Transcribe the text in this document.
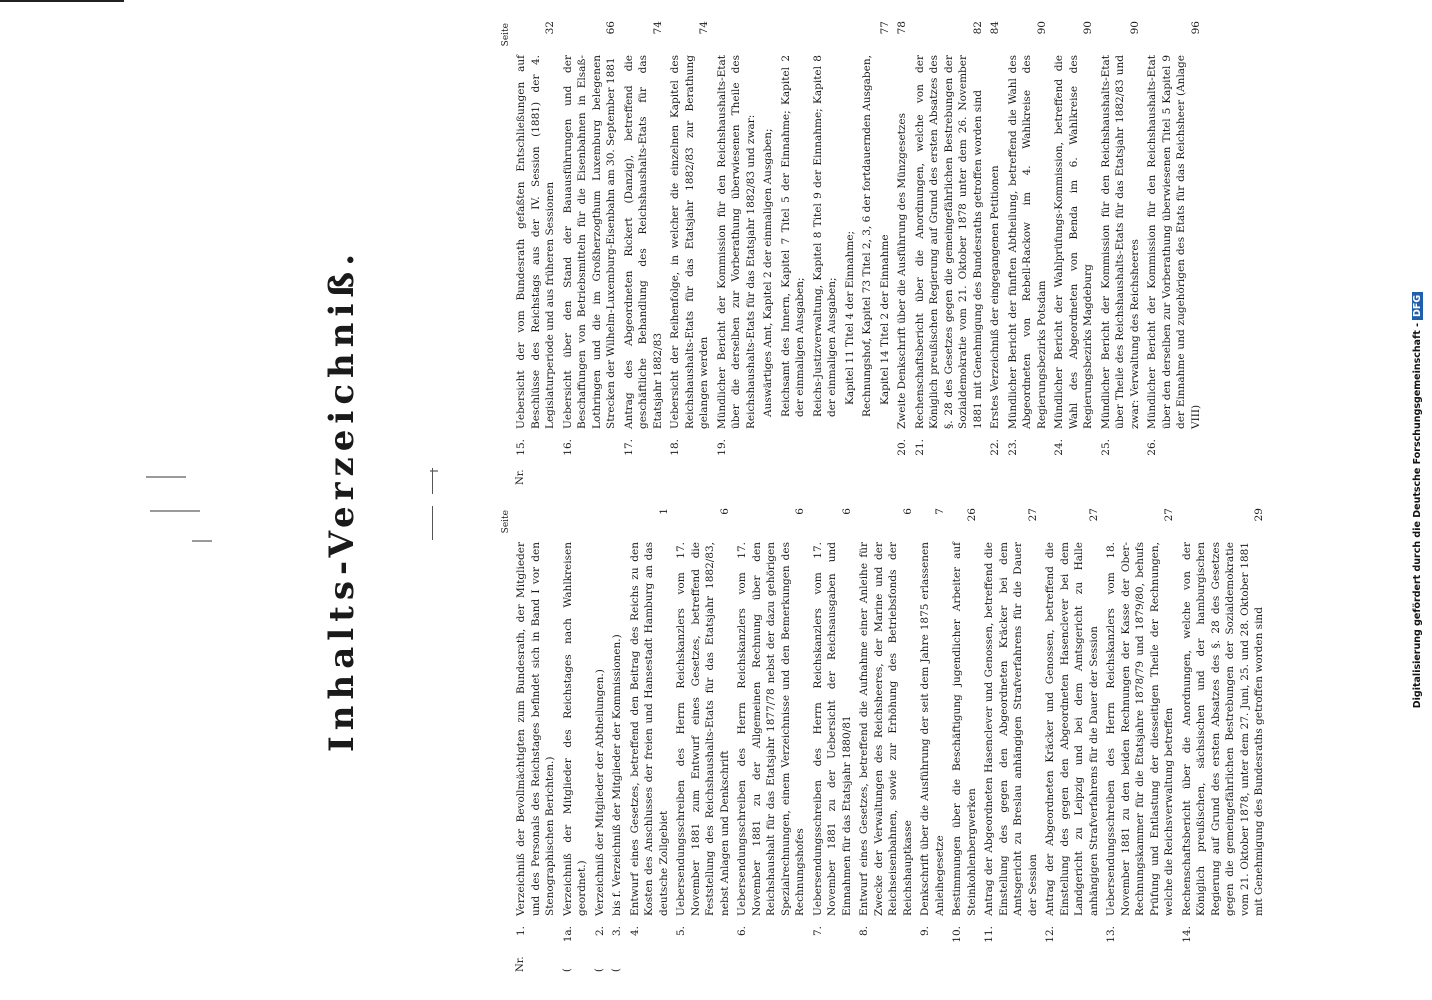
Inhalts-Verzeichniß.	Seite
Nr.
1.
Verzeichniß der Bevollmächtigten zum Bundesrath, der Mitglieder und des Personals des Reichstages befindet sich in Band I vor den Stenographischen Berichten.)
(
1a.
Verzeichniß der Mitglieder des Reichstages nach Wahlkreisen geordnet.)
(
2.
Verzeichniß der Mitglieder der Abtheilungen.)
(
3.
bis f. Verzeichniß der Mitglieder der Kommissionen.)
4.
Entwurf eines Gesetzes, betreffend den Beitrag des Reichs zu den Kosten des Anschlusses der freien und Hansestadt Hamburg an das deutsche Zollgebiet
1
5.
Uebersendungsschreiben des Herrn Reichskanzlers vom 17. November 1881 zum Entwurf eines Gesetzes, betreffend die Feststellung des Reichshaushalts-Etats für das Etatsjahr 1882/83, nebst Anlagen und Denkschrift
6
6.
Uebersendungsschreiben des Herrn Reichskanzlers vom 17. November 1881 zu der Allgemeinen Rechnung über den Reichshaushalt für das Etatsjahr 1877/78 nebst der dazu gehörigen Spezialrechnungen, einem Verzeichnisse und den Bemerkungen des Rechnungshofes
6
7.
Uebersendungsschreiben des Herrn Reichskanzlers vom 17. November 1881 zu der Uebersicht der Reichsausgaben und Einnahmen für das Etatsjahr 1880/81
6
8.
Entwurf eines Gesetzes, betreffend die Aufnahme einer Anleihe für Zwecke der Verwaltungen des Reichsheeres, der Marine und der Reichseisenbahnen, sowie zur Erhöhung des Betriebsfonds der Reichshauptkasse
6
9.
Denkschrift über die Ausführung der seit dem Jahre 1875 erlassenen Anleihegesetze
7
10.
Bestimmungen über die Beschäftigung jugendlicher Arbeiter auf Steinkohlenbergwerken
26
11.
Antrag der Abgeordneten Hasenclever und Genossen, betreffend die Einstellung des gegen den Abgeordneten Kräcker bei dem Amtsgericht zu Breslau anhängigen Strafverfahrens für die Dauer der Session
27
12.
Antrag der Abgeordneten Kräcker und Genossen, betreffend die Einstellung des gegen den Abgeordneten Hasenclever bei dem Landgericht zu Leipzig und bei dem Amtsgericht zu Halle anhängigen Strafverfahrens für die Dauer der Session
27
13.
Uebersendungsschreiben des Herrn Reichskanzlers vom 18. November 1881 zu den beiden Rechnungen der Kasse der Ober-Rechnungskammer für die Etatsjahre 1878/79 und 1879/80, behufs Prüfung und Entlastung der diesseitigen Theile der Rechnungen, welche die Reichsverwaltung betreffen
27
14.
Rechenschaftsbericht über die Anordnungen, welche von der Königlich preußischen, sächsischen und der hamburgischen Regierung auf Grund des ersten Absatzes des §. 28 des Gesetzes gegen die gemeingefährlichen Bestrebungen der Sozialdemokratie vom 21. Oktober 1878, unter dem 27. Juni, 25. und 28. Oktober 1881 mit Genehmigung des Bundesraths getroffen worden sind
29
Seite
Nr.
15.
Uebersicht der vom Bundesrath gefaßten Entschließungen auf Beschlüsse des Reichstags aus der IV. Session (1881) der 4. Legislaturperiode und aus früheren Sessionen
32
16.
Uebersicht über den Stand der Bauausführungen und der Beschaffungen von Betriebsmitteln für die Eisenbahnen in Elsaß-Lothringen und die im Großherzogthum Luxemburg belegenen Strecken der Wilhelm-Luxemburg-Eisenbahn am 30. September 1881
66
17.
Antrag des Abgeordneten Rickert (Danzig), betreffend die geschäftliche Behandlung des Reichshaushalts-Etats für das Etatsjahr 1882/83
74
18.
Uebersicht der Reihenfolge, in welcher die einzelnen Kapitel des Reichshaushalts-Etats für das Etatsjahr 1882/83 zur Berathung gelangen werden
74
19.
Mündlicher Bericht der Kommission für den Reichshaushalts-Etat über die derselben zur Vorberathung überwiesenen Theile des Reichshaushalts-Etats für das Etatsjahr 1882/83 und zwar: Auswärtiges Amt, Kapitel 2 der einmaligen Ausgaben; Reichsamt des Innern, Kapitel 7 Titel 5 der Einnahme; Kapitel 2 der einmaligen Ausgaben; Reichs-Justizverwaltung, Kapitel 8 Titel 9 der Einnahme; Kapitel 8 der einmaligen Ausgaben; Kapitel 11 Titel 4 der Einnahme; Rechnungshof, Kapitel 73 Titel 2, 3, 6 der fortdauernden Ausgaben, Kapitel 14 Titel 2 der Einnahme
77
20.
Zweite Denkschrift über die Ausführung des Münzgesetzes
78
21.
Rechenschaftsbericht über die Anordnungen, welche von der Königlich preußischen Regierung auf Grund des ersten Absatzes des §. 28 des Gesetzes gegen die gemeingefährlichen Bestrebungen der Sozialdemokratie vom 21. Oktober 1878 unter dem 26. November 1881 mit Genehmigung des Bundesraths getroffen worden sind
82
22.
Erstes Verzeichniß der eingegangenen Petitionen
84
23.
Mündlicher Bericht der fünften Abtheilung, betreffend die Wahl des Abgeordneten von Rebell-Rackow im 4. Wahlkreise des Regierungsbezirks Potsdam
90
24.
Mündlicher Bericht der Wahlprüfungs-Kommission, betreffend die Wahl des Abgeordneten von Benda im 6. Wahlkreise des Regierungsbezirks Magdeburg
90
25.
Mündlicher Bericht der Kommission für den Reichshaushalts-Etat über Theile des Reichshaushalts-Etats für das Etatsjahr 1882/83 und zwar: Verwaltung des Reichsheeres
90
26.
Mündlicher Bericht der Kommission für den Reichshaushalts-Etat über den derselben zur Vorberathung überwiesenen Titel 5 Kapitel 9 der Einnahme und zugehörigen des Etats für das Reichsheer (Anlage VIII)
96
Digitalisierung gefördert durch die Deutsche Forschungsgemeinschaft -DFG
